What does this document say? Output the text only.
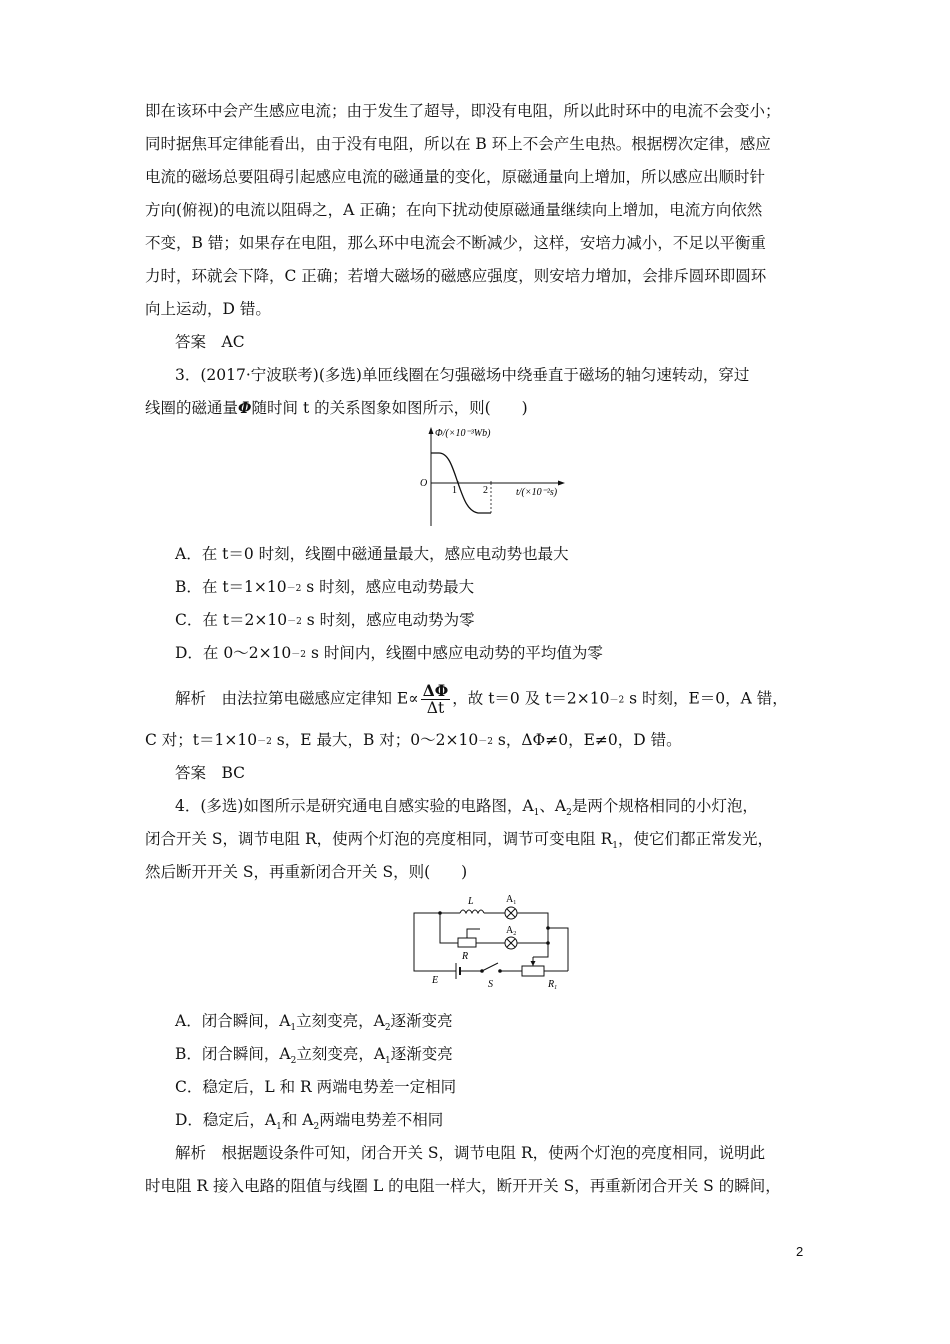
即在该环中会产生感应电流；由于发生了超导，即没有电阻，所以此时环中的电流不会变小；
同时据焦耳定律能看出，由于没有电阻，所以在 B 环上不会产生电热。根据楞次定律，感应
电流的磁场总要阻碍引起感应电流的磁通量的变化，原磁通量向上增加，所以感应出顺时针
方向(俯视)的电流以阻碍之，A 正确；在向下扰动使原磁通量继续向上增加，电流方向依然
不变，B 错；如果存在电阻，那么环中电流会不断减少，这样，安培力减小，不足以平衡重
力时，环就会下降，C 正确；若增大磁场的磁感应强度，则安培力增加，会排斥圆环即圆环
向上运动，D 错。
答案　AC
3．(2017·宁波联考)(多选)单匝线圈在匀强磁场中绕垂直于磁场的轴匀速转动，穿过
线圈的磁通量Φ随时间 t 的关系图象如图所示，则(　　)
Φ/(×10⁻³Wb)
O
1	2	t/(×10⁻²s)
A．在 t＝0 时刻，线圈中磁通量最大，感应电动势也最大
B．在 t＝1×10－2 s 时刻，感应电动势最大
C．在 t＝2×10－2 s 时刻，感应电动势为零
D．在 0～2×10－2 s 时间内，线圈中感应电动势的平均值为零
解析　由法拉第电磁感应定律知 $E\propto \frac{\Delta\Phi}{\Delta t}$ ，故 t＝0 及 t＝2×10－2 s 时刻，E＝0，A 错，
C 对；t＝1×10－2 s，E 最大，B 对；0～2×10－2 s，ΔΦ≠0，E≠0，D 错。
答案　BC
4．(多选)如图所示是研究通电自感实验的电路图，$A_1$、$A_2$是两个规格相同的小灯泡，
闭合开关 S，调节电阻 R，使两个灯泡的亮度相同，调节可变电阻 $R_1$，使它们都正常发光，
然后断开开关 S，再重新闭合开关 S，则(　　)
L	$A_1$
$A_2$
R
E	S	$R_1$
A．闭合瞬间，$A_1$立刻变亮，$A_2$逐渐变亮
B．闭合瞬间，$A_2$立刻变亮，$A_1$逐渐变亮
C．稳定后，L 和 R 两端电势差一定相同
D．稳定后，$A_1$和 $A_2$两端电势差不相同
解析　根据题设条件可知，闭合开关 S，调节电阻 R，使两个灯泡的亮度相同，说明此
时电阻 R 接入电路的阻值与线圈 L 的电阻一样大，断开开关 S，再重新闭合开关 S 的瞬间，
2
